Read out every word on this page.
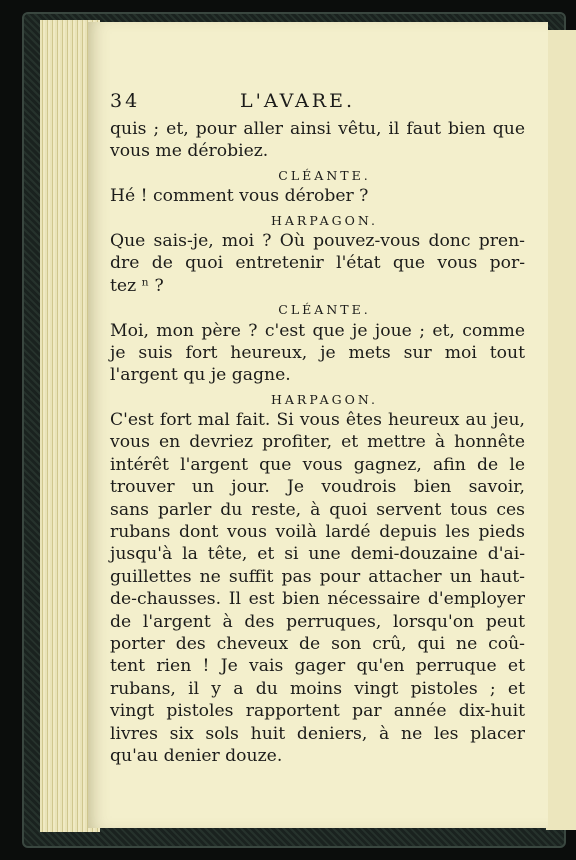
34	L'AVARE.
quis ; et, pour aller ainsi vêtu, il faut bien que
vous me dérobiez.
CLÉANTE.
Hé ! comment vous dérober ?
HARPAGON.
Que sais-je, moi ? Où pouvez-vous donc pren-
dre de quoi entretenir l'état que vous por-
tez ⁿ ?
CLÉANTE.
Moi, mon père ? c'est que je joue ; et, comme
je suis fort heureux, je mets sur moi tout
l'argent qu je gagne.
HARPAGON.
C'est fort mal fait. Si vous êtes heureux au jeu,
vous en devriez profiter, et mettre à honnête
intérêt l'argent que vous gagnez, afin de le
trouver un jour. Je voudrois bien savoir,
sans parler du reste, à quoi servent tous ces
rubans dont vous voilà lardé depuis les pieds
jusqu'à la tête, et si une demi-douzaine d'ai-
guillettes ne suffit pas pour attacher un haut-
de-chausses. Il est bien nécessaire d'employer
de l'argent à des perruques, lorsqu'on peut
porter des cheveux de son crû, qui ne coû-
tent rien ! Je vais gager qu'en perruque et
rubans, il y a du moins vingt pistoles ; et
vingt pistoles rapportent par année dix-huit
livres six sols huit deniers, à ne les placer
qu'au denier douze.
